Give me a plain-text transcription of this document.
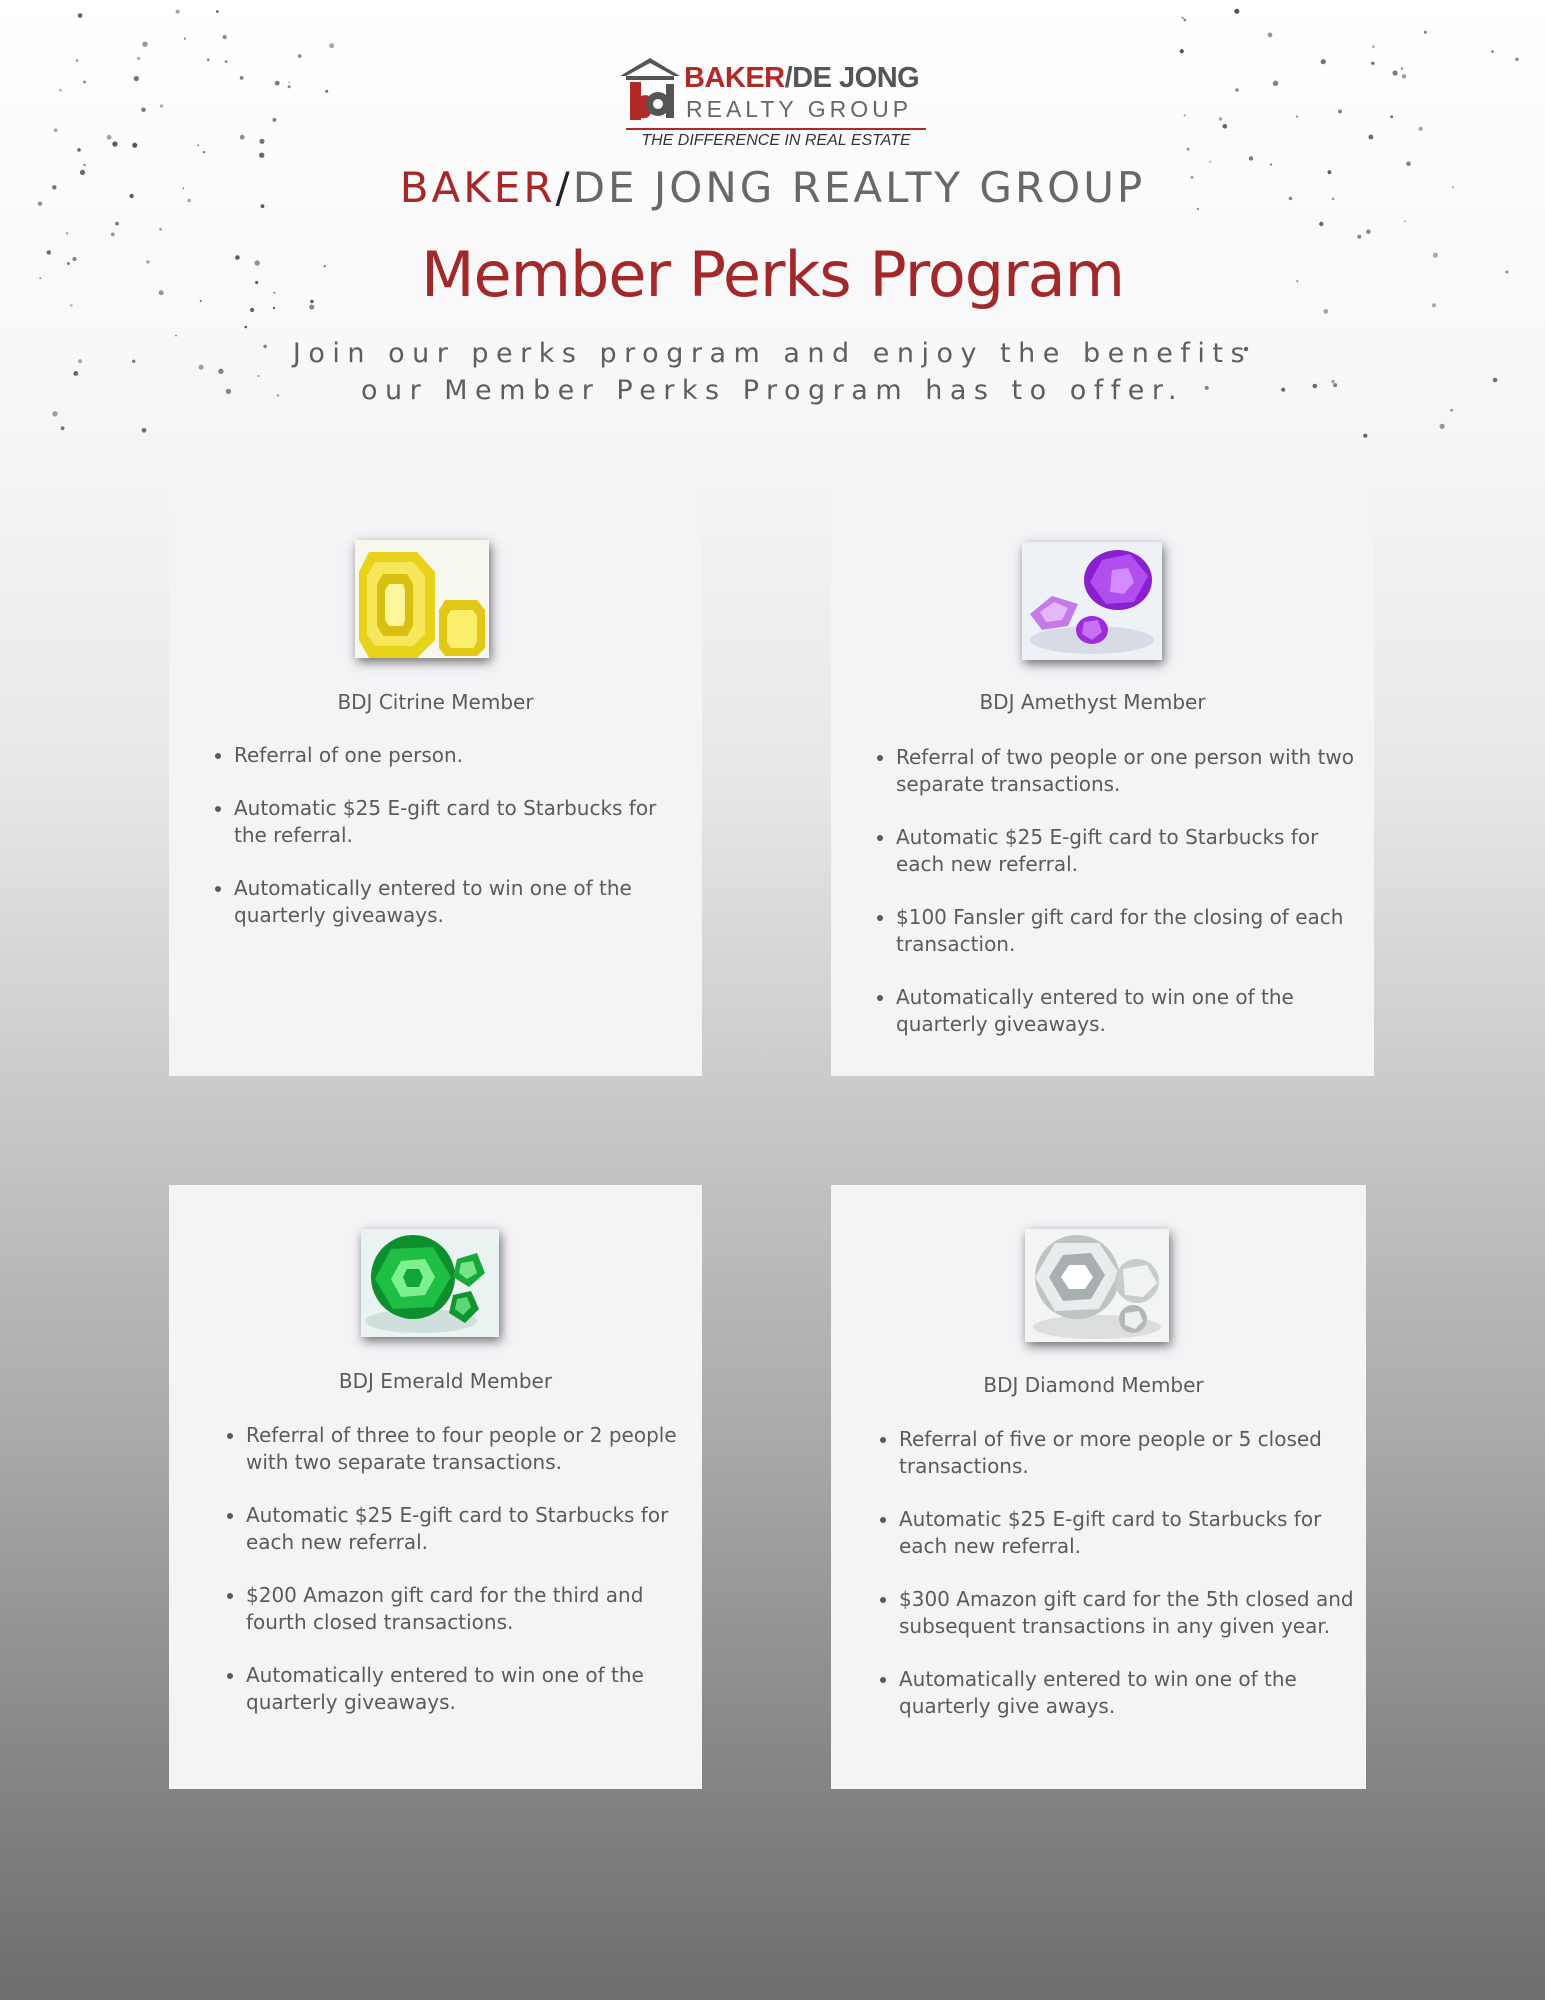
BAKER/DE JONG
REALTY GROUP
THE DIFFERENCE IN REAL ESTATE
BAKER/DE JONG REALTY GROUP
Member Perks Program
Join our perks program and enjoy the benefits
our Member Perks Program has to offer.
BDJ Citrine Member
• Referral of one person.
• Automatic $25 E-gift card to Starbucks for the referral.
• Automatically entered to win one of the quarterly giveaways.
BDJ Amethyst Member
• Referral of two people or one person with two separate transactions.
• Automatic $25 E-gift card to Starbucks for each new referral.
• $100 Fansler gift card for the closing of each transaction.
• Automatically entered to win one of the quarterly giveaways.
BDJ Emerald Member
• Referral of three to four people or 2 people with two separate transactions.
• Automatic $25 E-gift card to Starbucks for each new referral.
• $200 Amazon gift card for the third and fourth closed transactions.
• Automatically entered to win one of the quarterly giveaways.
BDJ Diamond Member
• Referral of five or more people or 5 closed transactions.
• Automatic $25 E-gift card to Starbucks for each new referral.
• $300 Amazon gift card for the 5th closed and subsequent transactions in any given year.
• Automatically entered to win one of the quarterly give aways.
